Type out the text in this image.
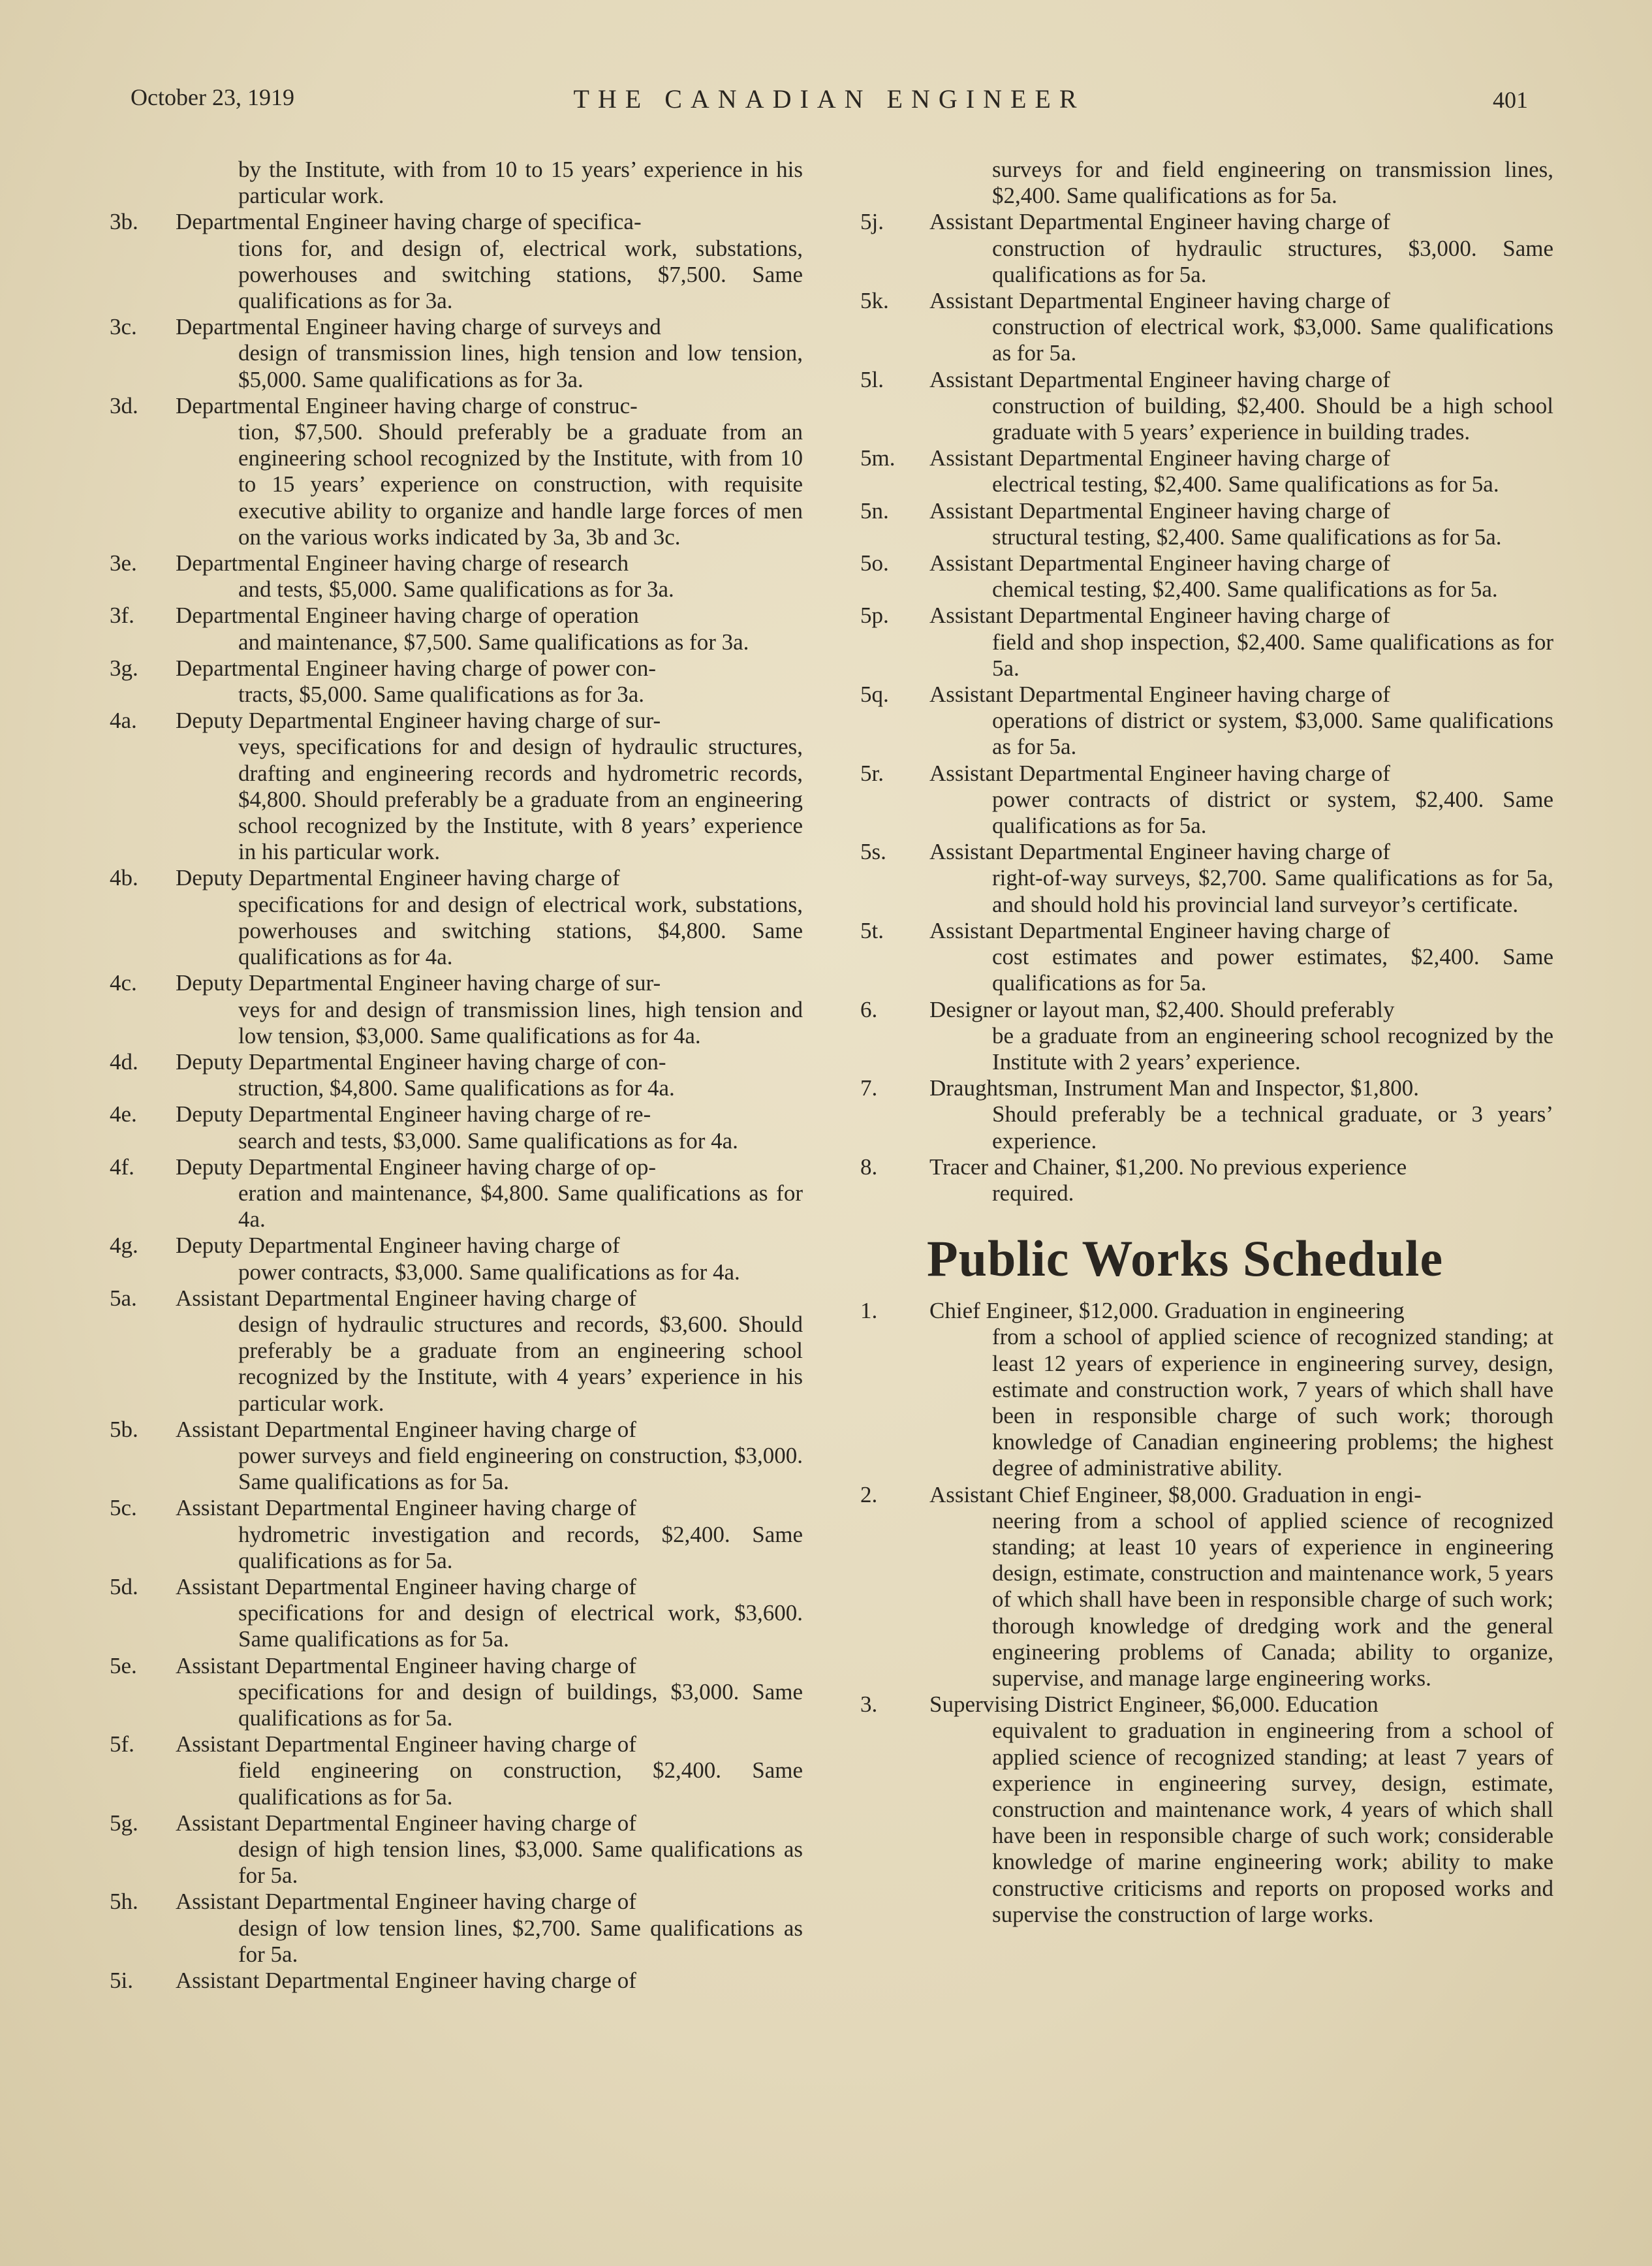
October 23, 1919	THE CANADIAN ENGINEER	401
by the Institute, with from 10 to 15 years’ experience in his particular work.
3b. Departmental Engineer having charge of specifica-
tions for, and design of, electrical work, substations, powerhouses and switching stations, $7,500. Same qualifications as for 3a.
3c. Departmental Engineer having charge of surveys and
design of transmission lines, high tension and low tension, $5,000. Same qualifications as for 3a.
3d. Departmental Engineer having charge of construc-
tion, $7,500. Should preferably be a graduate from an engineering school recognized by the Institute, with from 10 to 15 years’ experience on construction, with requisite executive ability to organize and handle large forces of men on the various works indicated by 3a, 3b and 3c.
3e. Departmental Engineer having charge of research
and tests, $5,000. Same qualifications as for 3a.
3f. Departmental Engineer having charge of operation
and maintenance, $7,500. Same qualifications as for 3a.
3g. Departmental Engineer having charge of power con-
tracts, $5,000. Same qualifications as for 3a.
4a. Deputy Departmental Engineer having charge of sur-
veys, specifications for and design of hydraulic structures, drafting and engineering records and hydrometric records, $4,800. Should preferably be a graduate from an engineering school recognized by the Institute, with 8 years’ experience in his particular work.
4b. Deputy Departmental Engineer having charge of
specifications for and design of electrical work, substations, powerhouses and switching stations, $4,800. Same qualifications as for 4a.
4c. Deputy Departmental Engineer having charge of sur-
veys for and design of transmission lines, high tension and low tension, $3,000. Same qualifications as for 4a.
4d. Deputy Departmental Engineer having charge of con-
struction, $4,800. Same qualifications as for 4a.
4e. Deputy Departmental Engineer having charge of re-
search and tests, $3,000. Same qualifications as for 4a.
4f. Deputy Departmental Engineer having charge of op-
eration and maintenance, $4,800. Same qualifications as for 4a.
4g. Deputy Departmental Engineer having charge of
power contracts, $3,000. Same qualifications as for 4a.
5a. Assistant Departmental Engineer having charge of
design of hydraulic structures and records, $3,600. Should preferably be a graduate from an engineering school recognized by the Institute, with 4 years’ experience in his particular work.
5b. Assistant Departmental Engineer having charge of
power surveys and field engineering on construction, $3,000. Same qualifications as for 5a.
5c. Assistant Departmental Engineer having charge of
hydrometric investigation and records, $2,400. Same qualifications as for 5a.
5d. Assistant Departmental Engineer having charge of
specifications for and design of electrical work, $3,600. Same qualifications as for 5a.
5e. Assistant Departmental Engineer having charge of
specifications for and design of buildings, $3,000. Same qualifications as for 5a.
5f. Assistant Departmental Engineer having charge of
field engineering on construction, $2,400. Same qualifications as for 5a.
5g. Assistant Departmental Engineer having charge of
design of high tension lines, $3,000. Same qualifications as for 5a.
5h. Assistant Departmental Engineer having charge of
design of low tension lines, $2,700. Same qualifications as for 5a.
5i. Assistant Departmental Engineer having charge of
surveys for and field engineering on transmission lines, $2,400. Same qualifications as for 5a.
5j. Assistant Departmental Engineer having charge of
construction of hydraulic structures, $3,000. Same qualifications as for 5a.
5k. Assistant Departmental Engineer having charge of
construction of electrical work, $3,000. Same qualifications as for 5a.
5l. Assistant Departmental Engineer having charge of
construction of building, $2,400. Should be a high school graduate with 5 years’ experience in building trades.
5m. Assistant Departmental Engineer having charge of
electrical testing, $2,400. Same qualifications as for 5a.
5n. Assistant Departmental Engineer having charge of
structural testing, $2,400. Same qualifications as for 5a.
5o. Assistant Departmental Engineer having charge of
chemical testing, $2,400. Same qualifications as for 5a.
5p. Assistant Departmental Engineer having charge of
field and shop inspection, $2,400. Same qualifications as for 5a.
5q. Assistant Departmental Engineer having charge of
operations of district or system, $3,000. Same qualifications as for 5a.
5r. Assistant Departmental Engineer having charge of
power contracts of district or system, $2,400. Same qualifications as for 5a.
5s. Assistant Departmental Engineer having charge of
right-of-way surveys, $2,700. Same qualifications as for 5a, and should hold his provincial land surveyor’s certificate.
5t. Assistant Departmental Engineer having charge of
cost estimates and power estimates, $2,400. Same qualifications as for 5a.
6. Designer or layout man, $2,400. Should preferably
be a graduate from an engineering school recognized by the Institute with 2 years’ experience.
7. Draughtsman, Instrument Man and Inspector, $1,800.
Should preferably be a technical graduate, or 3 years’ experience.
8. Tracer and Chainer, $1,200. No previous experience
required.
Public Works Schedule
1. Chief Engineer, $12,000. Graduation in engineering
from a school of applied science of recognized standing; at least 12 years of experience in engineering survey, design, estimate and construction work, 7 years of which shall have been in responsible charge of such work; thorough knowledge of Canadian engineering problems; the highest degree of administrative ability.
2. Assistant Chief Engineer, $8,000. Graduation in engi-
neering from a school of applied science of recognized standing; at least 10 years of experience in engineering design, estimate, construction and maintenance work, 5 years of which shall have been in responsible charge of such work; thorough knowledge of dredging work and the general engineering problems of Canada; ability to organize, supervise, and manage large engineering works.
3. Supervising District Engineer, $6,000. Education
equivalent to graduation in engineering from a school of applied science of recognized standing; at least 7 years of experience in engineering survey, design, estimate, construction and maintenance work, 4 years of which shall have been in responsible charge of such work; considerable knowledge of marine engineering work; ability to make constructive criticisms and reports on proposed works and supervise the construction of large works.
